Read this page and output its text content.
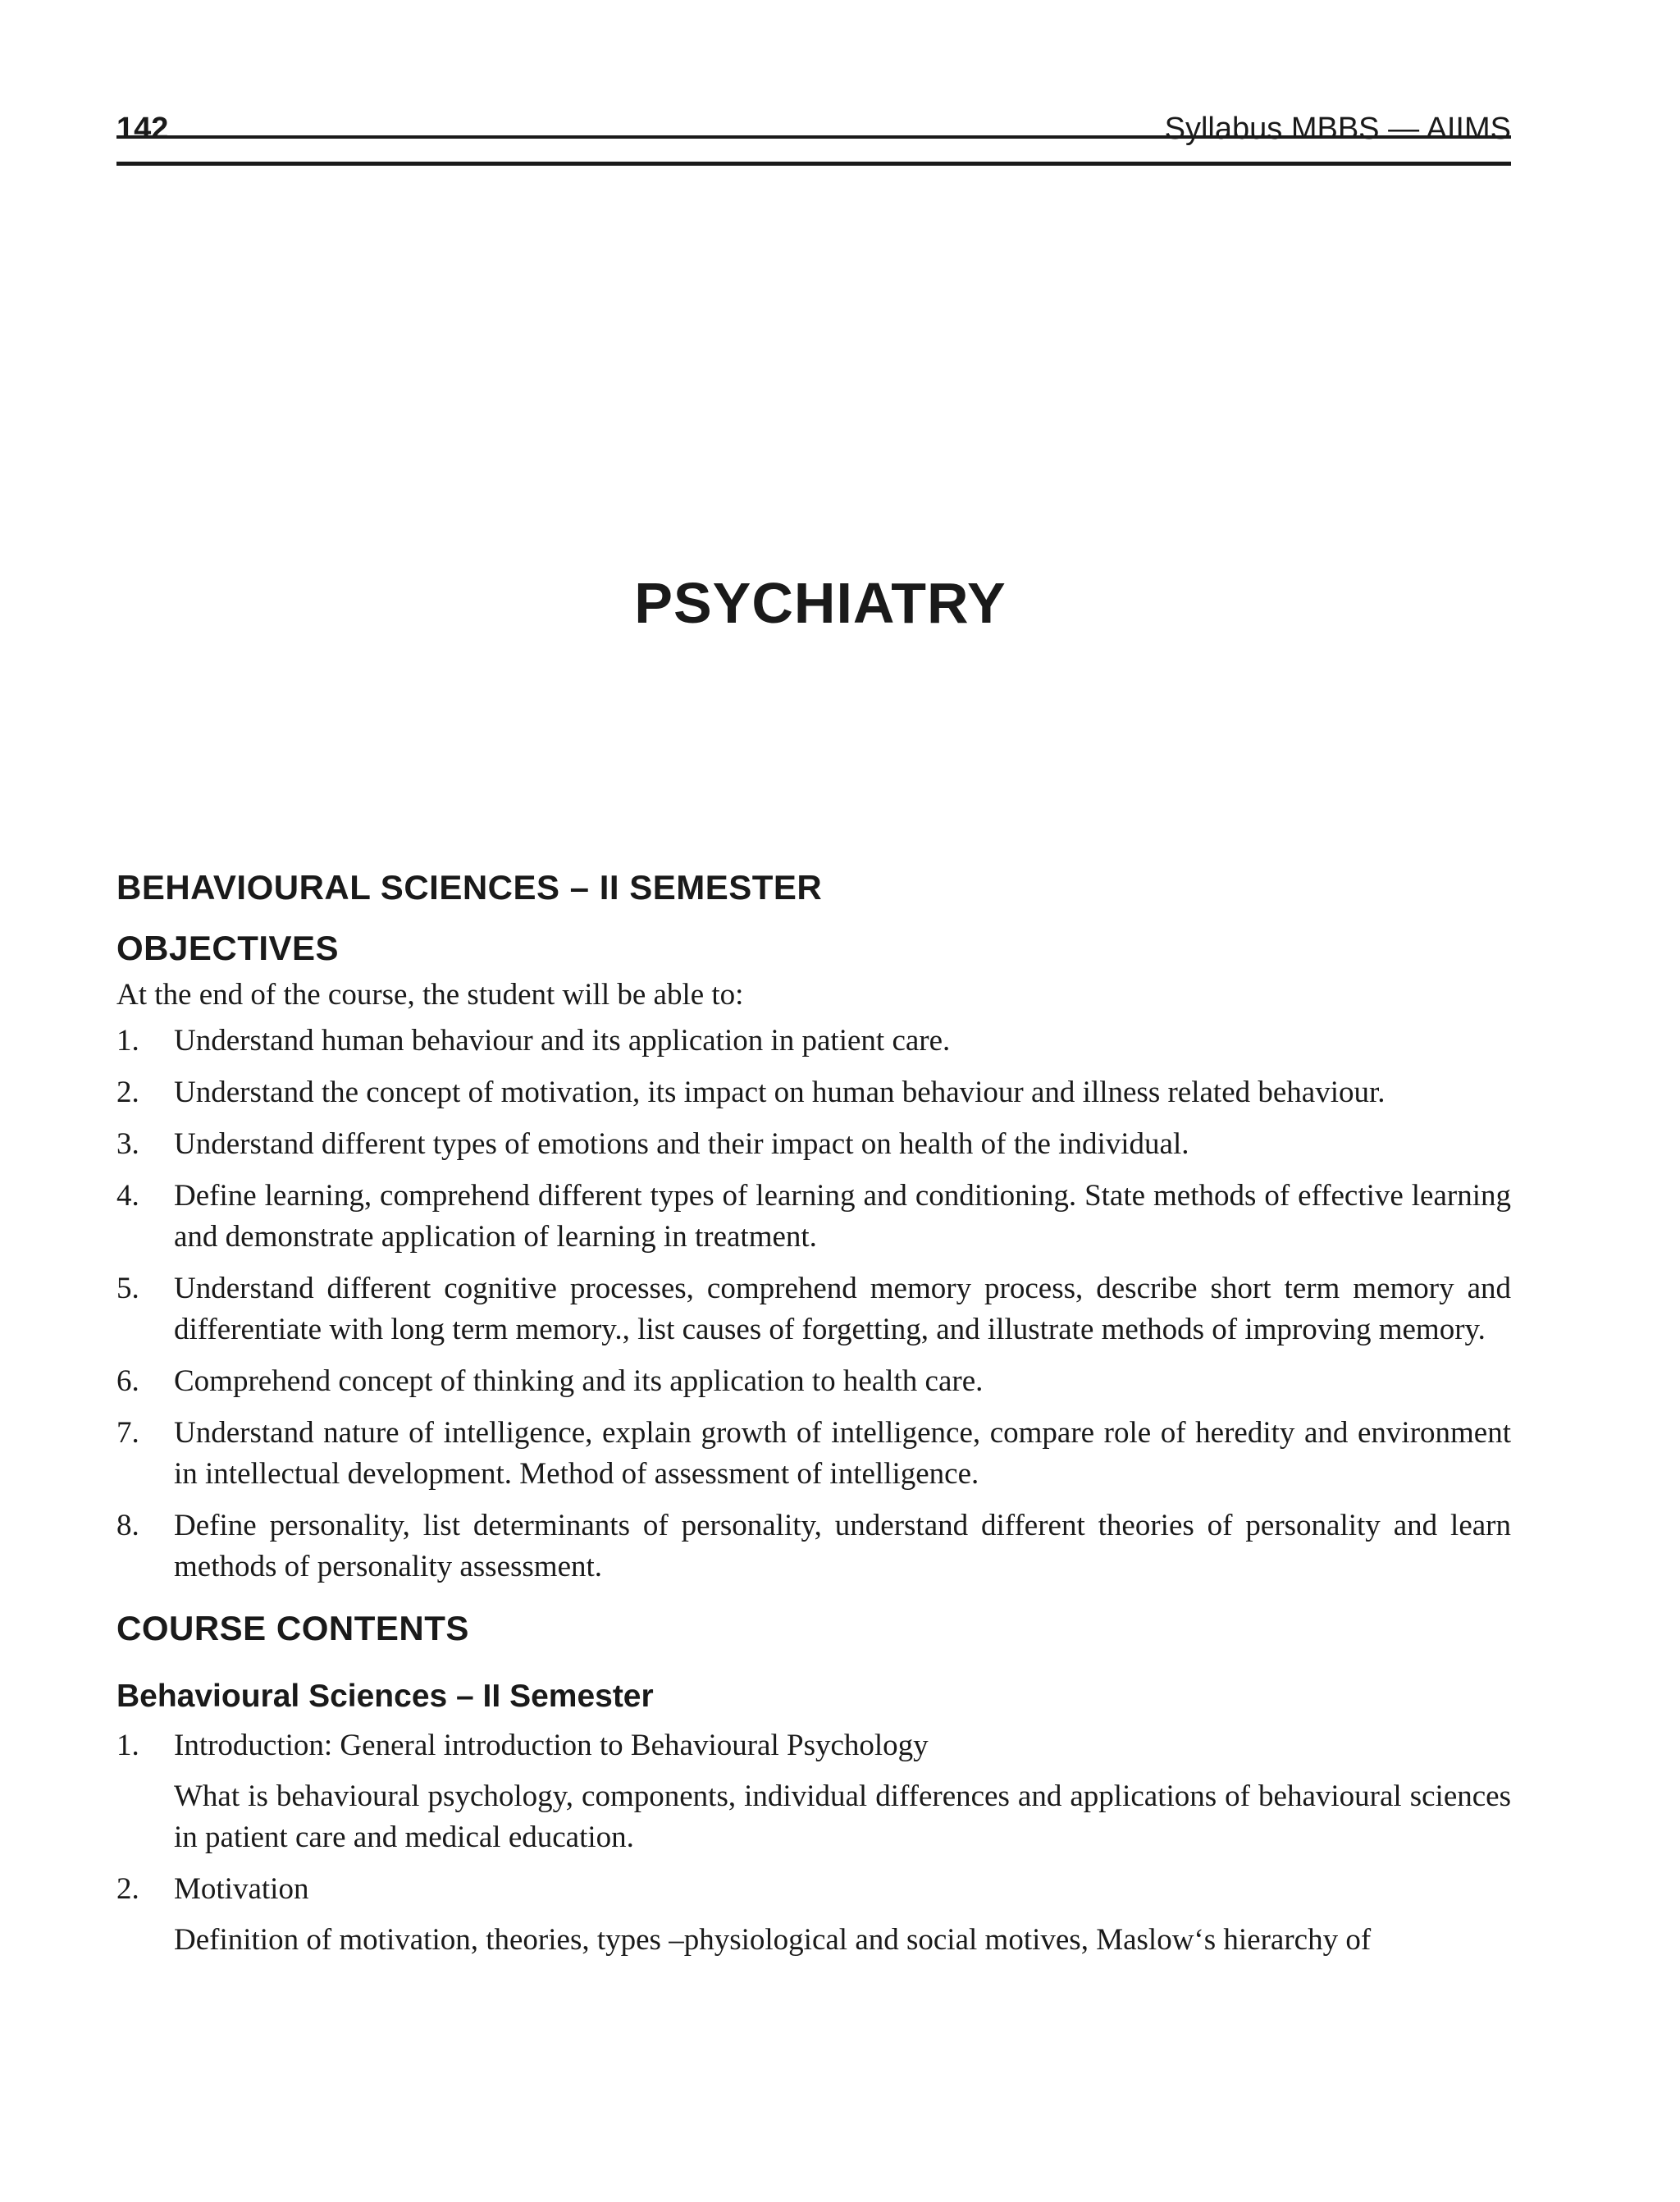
142	Syllabus MBBS — AIIMS
PSYCHIATRY
BEHAVIOURAL SCIENCES – II SEMESTER
OBJECTIVES

At the end of the course, the student will be able to:

1. Understand human behaviour and its application in patient care.
2. Understand the concept of motivation, its impact on human behaviour and illness related behaviour.
3. Understand different types of emotions and their impact on health of the individual.
4. Define learning, comprehend different types of learning and conditioning. State methods of effective learning and demonstrate application of learning in treatment.
5. Understand different cognitive processes, comprehend memory process, describe short term memory and differentiate with long term memory., list causes of forgetting, and illustrate methods of improving memory.
6. Comprehend concept of thinking and its application to health care.
7. Understand nature of intelligence, explain growth of intelligence, compare role of heredity and environment in intellectual development. Method of assessment of intelligence.
8. Define personality, list determinants of personality, understand different theories of personality and learn methods of personality assessment.
COURSE CONTENTS
Behavioural Sciences – II Semester
1. Introduction: General introduction to Behavioural Psychology

What is behavioural psychology, components, individual differences and applications of behavioural sciences in patient care and medical education.

2. Motivation

Definition of motivation, theories, types –physiological and social motives, Maslow‘s hierarchy of
